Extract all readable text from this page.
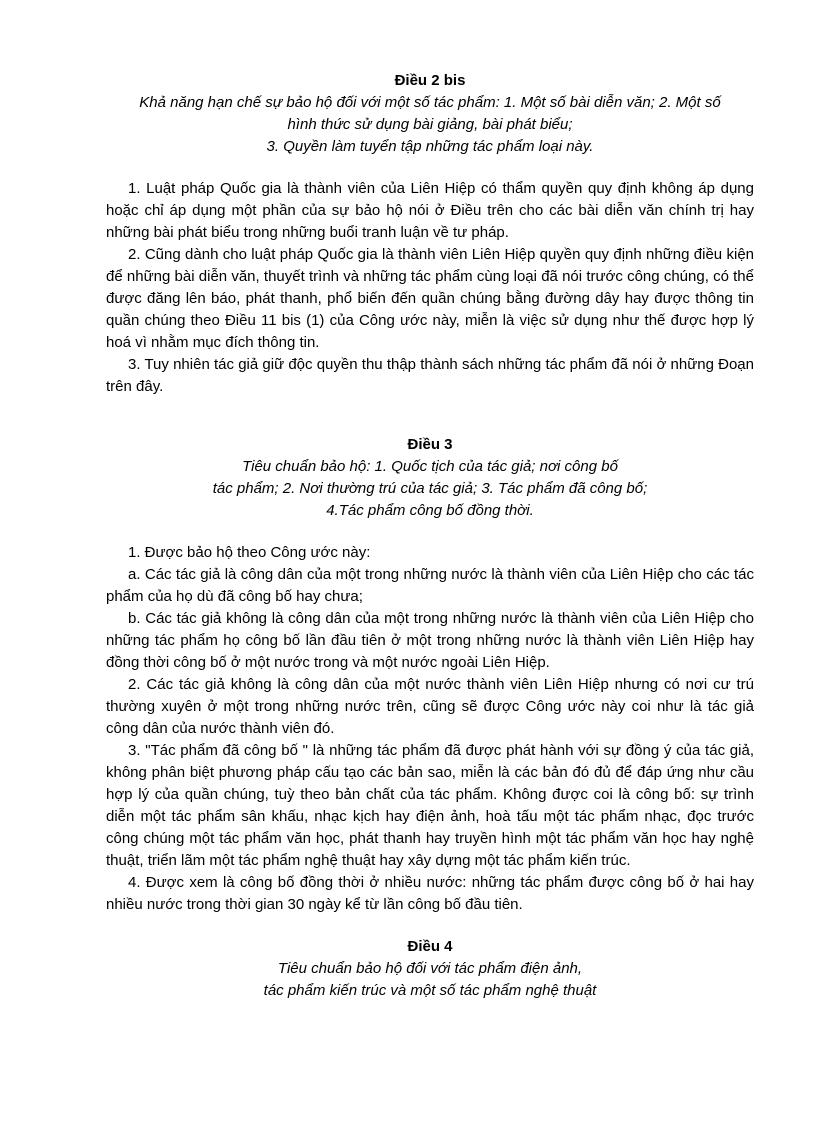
Điều 2 bis

Khả năng hạn chế sự bảo hộ đối với một số tác phẩm: 1. Một số bài diễn văn; 2. Một số

hình thức sử dụng bài giảng, bài phát biểu;

3. Quyền làm tuyển tập những tác phẩm loại này.

1. Luật pháp Quốc gia là thành viên của Liên Hiệp có thẩm quyền quy định không áp dụng hoặc chỉ áp dụng một phần của sự bảo hộ nói ở Điều trên cho các bài diễn văn chính trị hay những bài phát biểu trong những buổi tranh luận về tư pháp.

2. Cũng dành cho luật pháp Quốc gia là thành viên Liên Hiệp quyền quy định những điều kiện để những bài diễn văn, thuyết trình và những tác phẩm cùng loại đã nói trước công chúng, có thể được đăng lên báo, phát thanh, phổ biến đến quần chúng bằng đường dây hay được thông tin quần chúng theo Điều 11 bis (1) của Công ước này, miễn là việc sử dụng như thế được hợp lý hoá vì nhằm mục đích thông tin.

3. Tuy nhiên tác giả giữ độc quyền thu thập thành sách những tác phẩm đã nói ở những Đoạn trên đây.

Điều 3

Tiêu chuẩn bảo hộ: 1. Quốc tịch của tác giả; nơi công bố

tác phẩm; 2. Nơi thường trú của tác giả; 3. Tác phẩm đã công bố;

4.Tác phẩm công bố đồng thời.

1. Được bảo hộ theo Công ước này:

a. Các tác giả là công dân của một trong những nước là thành viên của Liên Hiệp cho các tác phẩm của họ dù đã công bố hay chưa;

b. Các tác giả không là công dân của một trong những nước là thành viên của Liên Hiệp cho những tác phẩm họ công bố lần đầu tiên ở một trong những nước là thành viên Liên Hiệp hay đồng thời công bố ở một nước trong và một nước ngoài Liên Hiệp.

2. Các tác giả không là công dân của một nước thành viên Liên Hiệp nhưng có nơi cư trú thường xuyên ở một trong những nước trên, cũng sẽ được Công ước này coi như là tác giả công dân của nước thành viên đó.

3. "Tác phẩm đã công bố " là những tác phẩm đã được phát hành với sự đồng ý của tác giả, không phân biệt phương pháp cấu tạo các bản sao, miễn là các bản đó đủ để đáp ứng như cầu hợp lý của quần chúng, tuỳ theo bản chất của tác phẩm. Không được coi là công bố: sự trình diễn một tác phẩm sân khấu, nhạc kịch hay điện ảnh, hoà tấu một tác phẩm nhạc, đọc trước công chúng một tác phẩm văn học, phát thanh hay truyền hình một tác phẩm văn học hay nghệ thuật, triển lãm một tác phẩm nghệ thuật hay xây dựng một tác phẩm kiến trúc.

4. Được xem là công bố đồng thời ở nhiều nước: những tác phẩm được công bố ở hai hay nhiều nước trong thời gian 30 ngày kể từ lần công bố đầu tiên.

Điều 4

Tiêu chuẩn bảo hộ đối với tác phẩm điện ảnh,

tác phẩm kiến trúc và một số tác phẩm nghệ thuật
